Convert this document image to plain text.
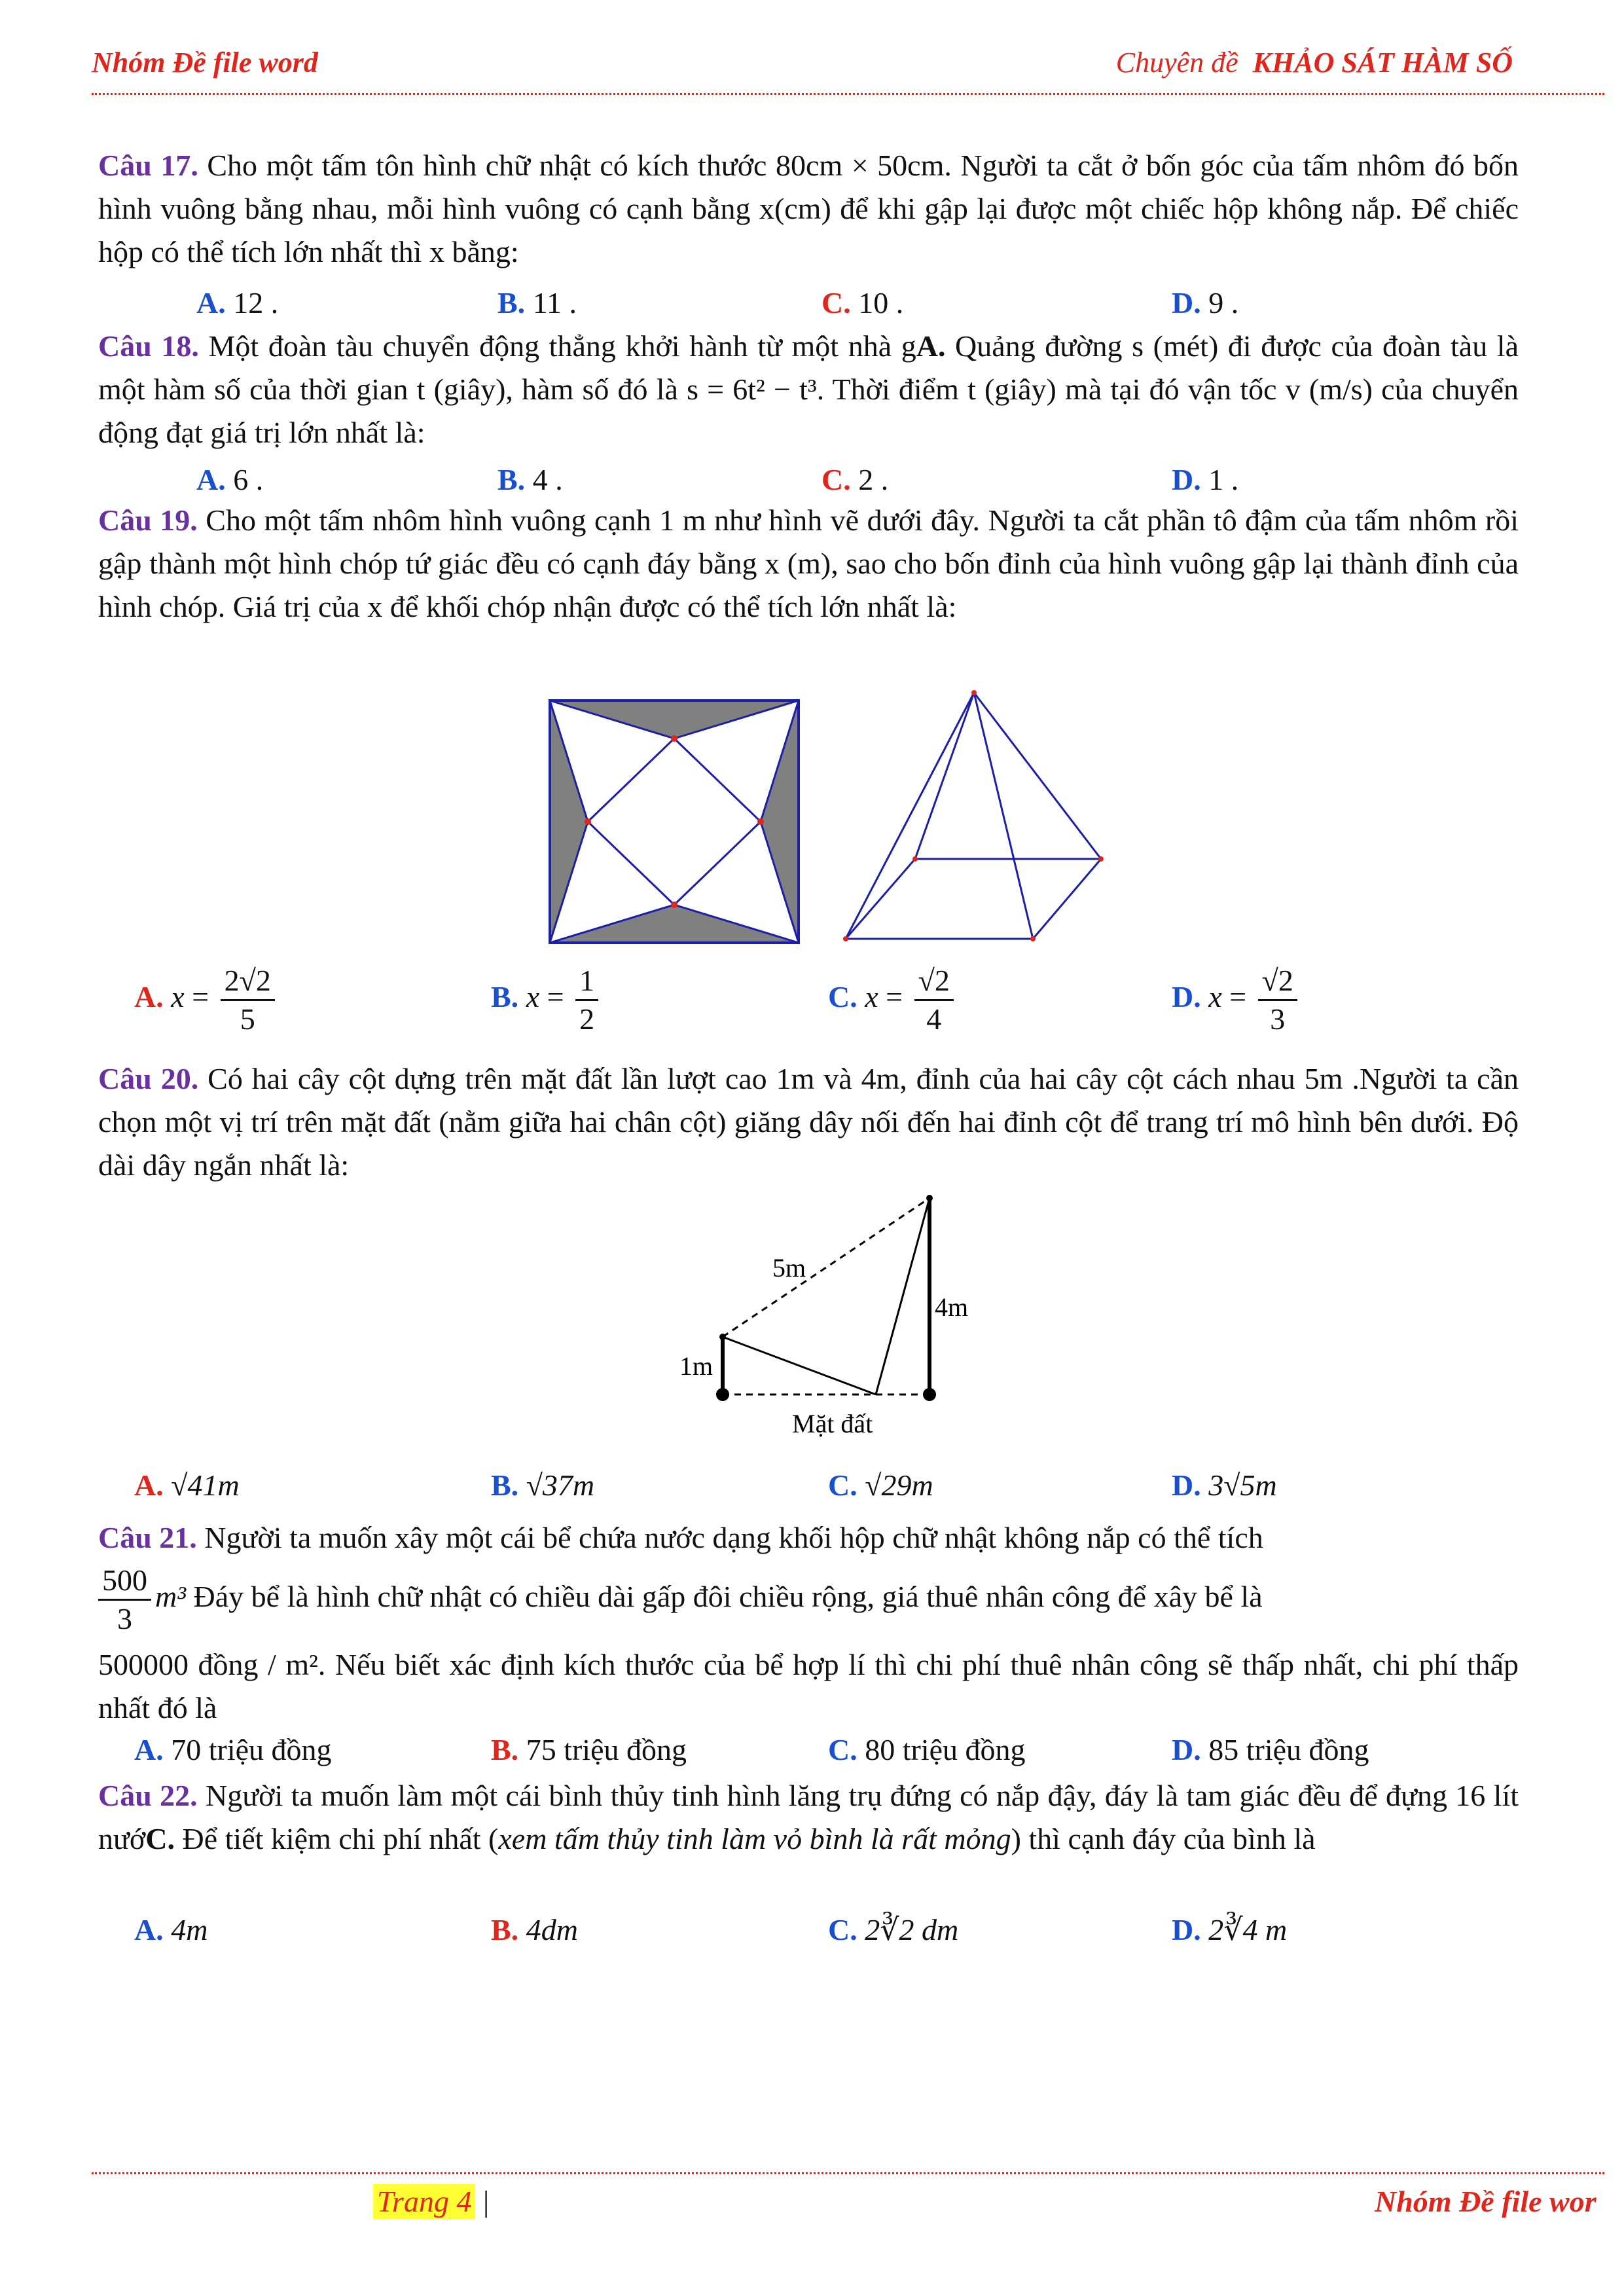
Nhóm Đề file word	Chuyên đề KHẢO SÁT HÀM SỐ
Câu 17. Cho một tấm tôn hình chữ nhật có kích thước 80cm × 50cm. Người ta cắt ở bốn góc của tấm nhôm đó bốn hình vuông bằng nhau, mỗi hình vuông có cạnh bằng x(cm) để khi gập lại được một chiếc hộp không nắp. Để chiếc hộp có thể tích lớn nhất thì x bằng:
A. 12 .	B. 11 .	C. 10 .	D. 9 .
Câu 18. Một đoàn tàu chuyển động thẳng khởi hành từ một nhà gA. Quảng đường s (mét) đi được của đoàn tàu là một hàm số của thời gian t (giây), hàm số đó là s = 6t² − t³. Thời điểm t (giây) mà tại đó vận tốc v (m/s) của chuyển động đạt giá trị lớn nhất là:
A. 6 .	B. 4 .	C. 2 .	D. 1 .
Câu 19. Cho một tấm nhôm hình vuông cạnh 1 m như hình vẽ dưới đây. Người ta cắt phần tô đậm của tấm nhôm rồi gập thành một hình chóp tứ giác đều có cạnh đáy bằng x (m), sao cho bốn đỉnh của hình vuông gập lại thành đỉnh của hình chóp. Giá trị của x để khối chóp nhận được có thể tích lớn nhất là:
A. $x = \frac{2√2}{5}$	B. $x = \frac{1}{2}$	C. $x = \frac{√2}{4}$	D. $x = \frac{√2}{3}$
Câu 20. Có hai cây cột dựng trên mặt đất lần lượt cao 1m và 4m, đỉnh của hai cây cột cách nhau 5m .Người ta cần chọn một vị trí trên mặt đất (nằm giữa hai chân cột) giăng dây nối đến hai đỉnh cột để trang trí mô hình bên dưới. Độ dài dây ngắn nhất là:
5m
4m
1m
Mặt đất
A. √41m	B. √37m	C. √29m	D. 3√5m
Câu 21. Người ta muốn xây một cái bể chứa nước dạng khối hộp chữ nhật không nắp có thể tích
$\frac{500}{3} m^3$ Đáy bể là hình chữ nhật có chiều dài gấp đôi chiều rộng, giá thuê nhân công để xây bể là
500000 đồng / m². Nếu biết xác định kích thước của bể hợp lí thì chi phí thuê nhân công sẽ thấp nhất, chi phí thấp nhất đó là
A. 70 triệu đồng	B. 75 triệu đồng	C. 80 triệu đồng	D. 85 triệu đồng
Câu 22. Người ta muốn làm một cái bình thủy tinh hình lăng trụ đứng có nắp đậy, đáy là tam giác đều để đựng 16 lít nướC. Để tiết kiệm chi phí nhất (xem tấm thủy tinh làm vỏ bình là rất mỏng) thì cạnh đáy của bình là
A. 4m	B. 4dm	C. 2∛2 dm	D. 2∛4 m
Trang 4 |	Nhóm Đề file wor
